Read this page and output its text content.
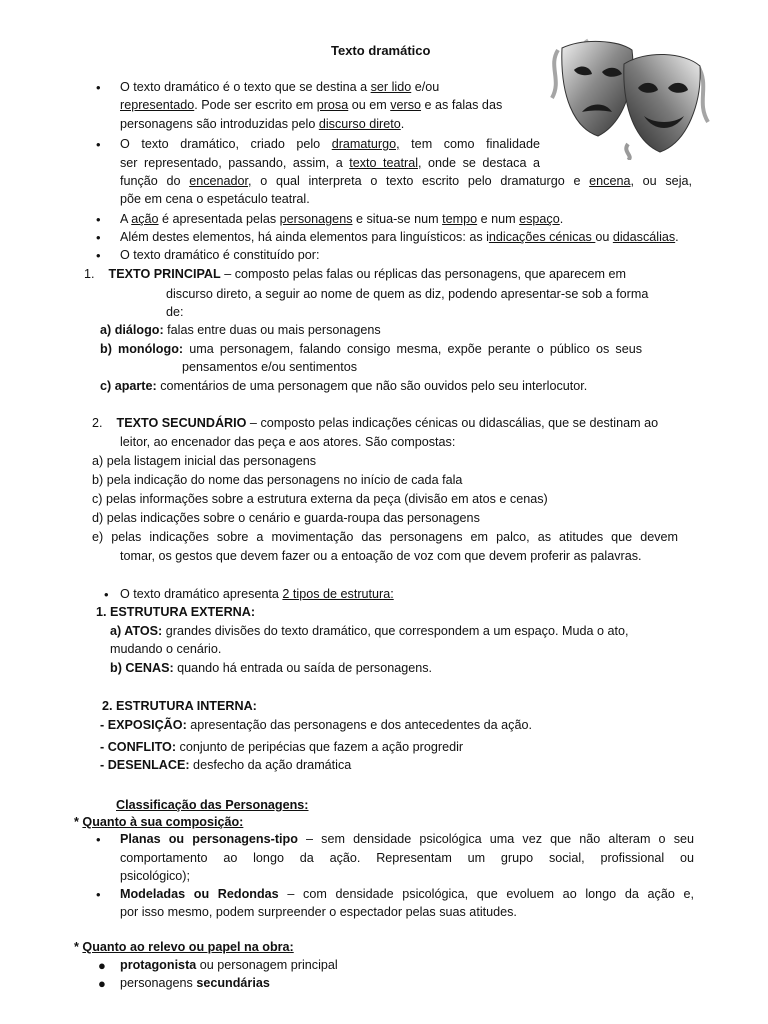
Texto dramático
• O texto dramático é o texto que se destina a ser lido e/ou
representado. Pode ser escrito em prosa ou em verso e as falas das
personagens são introduzidas pelo discurso direto.
• O texto dramático, criado pelo dramaturgo, tem como finalidade
ser representado, passando, assim, a texto teatral, onde se destaca a
função do encenador, o qual interpreta o texto escrito pelo dramaturgo e encena, ou seja,
põe em cena o espetáculo teatral.
• A ação é apresentada pelas personagens e situa-se num tempo e num espaço.
• Além destes elementos, há ainda elementos para linguísticos: as indicações cénicas ou didascálias.
• O texto dramático é constituído por:
1. TEXTO PRINCIPAL – composto pelas falas ou réplicas das personagens, que aparecem em
discurso direto, a seguir ao nome de quem as diz, podendo apresentar-se sob a forma
de:
a) diálogo: falas entre duas ou mais personagens
b) monólogo: uma personagem, falando consigo mesma, expõe perante o público os seus
pensamentos e/ou sentimentos
c) aparte: comentários de uma personagem que não são ouvidos pelo seu interlocutor.
2. TEXTO SECUNDÁRIO – composto pelas indicações cénicas ou didascálias, que se destinam ao
leitor, ao encenador das peça e aos atores. São compostas:
a) pela listagem inicial das personagens
b) pela indicação do nome das personagens no início de cada fala
c) pelas informações sobre a estrutura externa da peça (divisão em atos e cenas)
d) pelas indicações sobre o cenário e guarda-roupa das personagens
e) pelas indicações sobre a movimentação das personagens em palco, as atitudes que devem
tomar, os gestos que devem fazer ou a entoação de voz com que devem proferir as palavras.
• O texto dramático apresenta 2 tipos de estrutura:
1. ESTRUTURA EXTERNA:
a) ATOS: grandes divisões do texto dramático, que correspondem a um espaço. Muda o ato,
mudando o cenário.
b) CENAS: quando há entrada ou saída de personagens.
2. ESTRUTURA INTERNA:
- EXPOSIÇÃO: apresentação das personagens e dos antecedentes da ação.
- CONFLITO: conjunto de peripécias que fazem a ação progredir
- DESENLACE: desfecho da ação dramática
Classificação das Personagens:
* Quanto à sua composição:
• Planas ou personagens-tipo – sem densidade psicológica uma vez que não alteram o seu
comportamento ao longo da ação. Representam um grupo social, profissional ou
psicológico);
• Modeladas ou Redondas – com densidade psicológica, que evoluem ao longo da ação e,
por isso mesmo, podem surpreender o espectador pelas suas atitudes.
* Quanto ao relevo ou papel na obra:
● protagonista ou personagem principal
● personagens secundárias
